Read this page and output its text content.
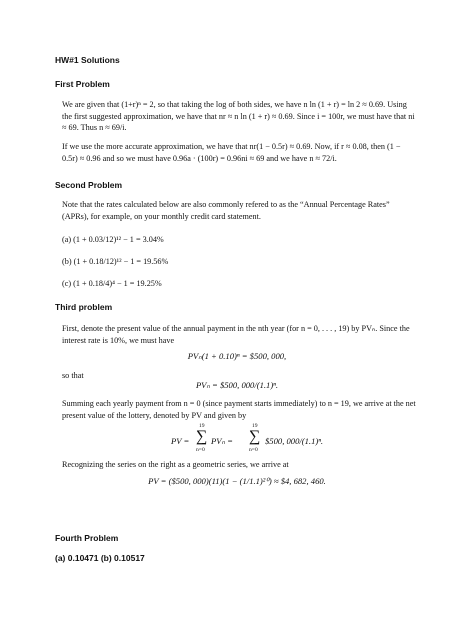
HW#1 Solutions
First Problem
We are given that (1+r)ⁿ = 2, so that taking the log of both sides, we have n ln (1 + r) = ln 2 ≈ 0.69. Using the first suggested approximation, we have that nr ≈ n ln (1 + r) ≈ 0.69. Since i = 100r, we must have that ni ≈ 69. Thus n ≈ 69/i.
If we use the more accurate approximation, we have that nr(1 − 0.5r) ≈ 0.69. Now, if r ≈ 0.08, then (1 − 0.5r) ≈ 0.96 and so we must have 0.96a · (100r) = 0.96ni ≈ 69 and we have n ≈ 72/i.
Second Problem
Note that the rates calculated below are also commonly refered to as the “Annual Percentage Rates” (APRs), for example, on your monthly credit card statement.
(a) (1 + 0.03/12)¹² − 1 = 3.04%
(b) (1 + 0.18/12)¹² − 1 = 19.56%
(c) (1 + 0.18/4)⁴ − 1 = 19.25%
Third problem
First, denote the present value of the annual payment in the nth year (for n = 0, . . . , 19) by PVₙ. Since the interest rate is 10%, we must have
PVₙ(1 + 0.10)ⁿ = $500, 000,
so that
PVₙ = $500, 000/(1.1)ⁿ.
Summing each yearly payment from n = 0 (since payment starts immediately) to n = 19, we arrive at the net present value of the lottery, denoted by PV and given by
PV =
19
∑
n=0
PVₙ =
19
∑
n=0
$500, 000/(1.1)ⁿ.
Recognizing the series on the right as a geometric series, we arrive at
PV = ($500, 000)(11)(1 − (1/1.1)²⁰) ≈ $4, 682, 460.
Fourth Problem
(a) 0.10471 (b) 0.10517
